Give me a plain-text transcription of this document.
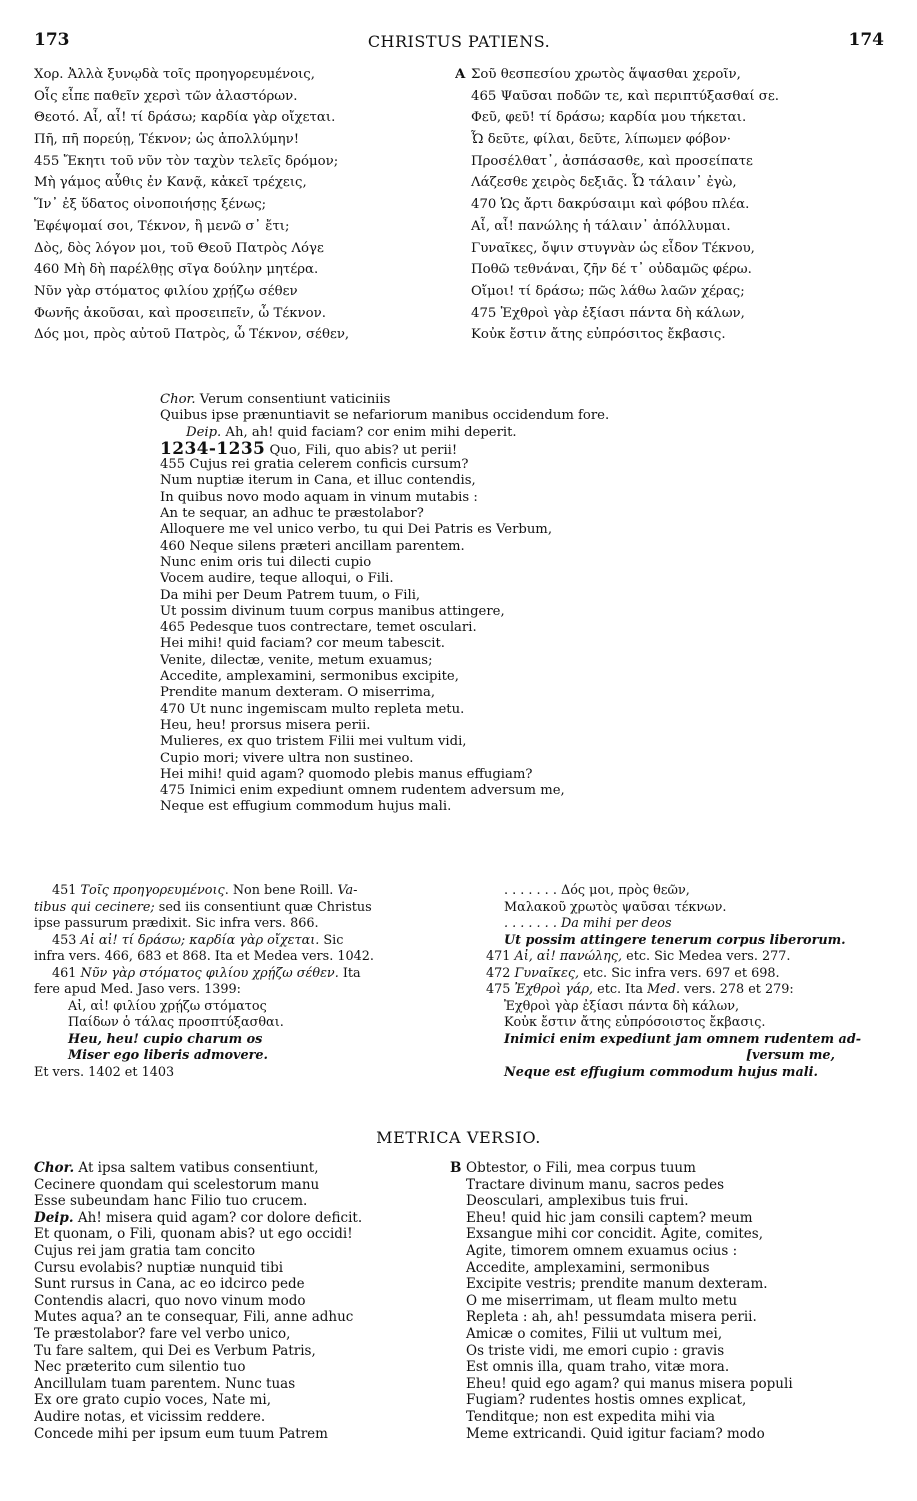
173	CHRISTUS PATIENS.	174
Χορ. Ἀλλὰ ξυνῳδὰ τοῖς προηγορευμένοις,
Οἷς εἶπε παθεῖν χερσὶ τῶν ἀλαστόρων.
Θεοτό. Αἶ, αἶ! τί δράσω; καρδία γὰρ οἴχεται.
Πῆ, πῆ πορεύῃ, Τέκνον; ὡς ἀπολλύμην!
455 Ἔκητι τοῦ νῦν τὸν ταχὺν τελεῖς δρόμον;
Μὴ γάμος αὖθις ἐν Κανᾷ, κἀκεῖ τρέχεις,
Ἵν᾽ ἐξ ὕδατος οἰνοποιήσῃς ξένως;
Ἐφέψομαί σοι, Τέκνον, ἢ μενῶ σ᾽ ἔτι;
Δὸς, δὸς λόγον μοι, τοῦ Θεοῦ Πατρὸς Λόγε
460 Μὴ δὴ παρέλθῃς σῖγα δούλην μητέρα.
Νῦν γὰρ στόματος φιλίου χρῄζω σέθεν
Φωνῆς ἀκοῦσαι, καὶ προσειπεῖν, ὦ Τέκνον.
Δός μοι, πρὸς αὐτοῦ Πατρὸς, ὦ Τέκνον, σέθεν,
A Σοῦ θεσπεσίου χρωτὸς ἅψασθαι χεροῖν,
465 Ψαῦσαι ποδῶν τε, καὶ περιπτύξασθαί σε.
Φεῦ, φεῦ! τί δράσω; καρδία μου τήκεται.
Ὦ δεῦτε, φίλαι, δεῦτε, λίπωμεν φόβον·
Προσέλθατ᾽, ἀσπάσασθε, καὶ προσείπατε
Λάζεσθε χειρὸς δεξιᾶς. Ὦ τάλαιν᾽ ἐγὼ,
470 Ὡς ἄρτι δακρύσαιμι καὶ φόβου πλέα.
Αἶ, αἶ! πανώλης ἡ τάλαιν᾽ ἀπόλλυμαι.
Γυναῖκες, ὄψιν στυγνὰν ὡς εἶδον Τέκνου,
Ποθῶ τεθνάναι, ζῆν δέ τ᾽ οὐδαμῶς φέρω.
Οἴμοι! τί δράσω; πῶς λάθω λαῶν χέρας;
475 Ἐχθροὶ γὰρ ἐξίασι πάντα δὴ κάλων,
Κοὐκ ἔστιν ἄτης εὐπρόσιτος ἔκβασις.
Chor. Verum consentiunt vaticiniis
Quibus ipse prænuntiavit se nefariorum manibus occidendum fore.
Deip. Ah, ah! quid faciam? cor enim mihi deperit.
1234-1235 Quo, Fili, quo abis? ut perii!
455 Cujus rei gratia celerem conficis cursum?
Num nuptiæ iterum in Cana, et illuc contendis,
In quibus novo modo aquam in vinum mutabis :
An te sequar, an adhuc te præstolabor?
Alloquere me vel unico verbo, tu qui Dei Patris es Verbum,
460 Neque silens præteri ancillam parentem.
Nunc enim oris tui dilecti cupio
Vocem audire, teque alloqui, o Fili.
Da mihi per Deum Patrem tuum, o Fili,
Ut possim divinum tuum corpus manibus attingere,
465 Pedesque tuos contrectare, temet osculari.
Hei mihi! quid faciam? cor meum tabescit.
Venite, dilectæ, venite, metum exuamus;
Accedite, amplexamini, sermonibus excipite,
Prendite manum dexteram. O miserrima,
470 Ut nunc ingemiscam multo repleta metu.
Heu, heu! prorsus misera perii.
Mulieres, ex quo tristem Filii mei vultum vidi,
Cupio mori; vivere ultra non sustineo.
Hei mihi! quid agam? quomodo plebis manus effugiam?
475 Inimici enim expediunt omnem rudentem adversum me,
Neque est effugium commodum hujus mali.
451 Τοῖς προηγορευμένοις. Non bene Roill. Va-
tibus qui cecinere; sed iis consentiunt quæ Christus
ipse passurum prædixit. Sic infra vers. 866.
453 Αἶ αἶ! τί δράσω; καρδία γὰρ οἴχεται. Sic
infra vers. 466, 683 et 868. Ita et Medea vers. 1042.
461 Νῦν γὰρ στόματος φιλίου χρῄζω σέθεν. Ita
fere apud Med. Jaso vers. 1399:
Αἶ, αἶ! φιλίου χρῄζω στόματος
Παίδων ὁ τάλας προσπτύξασθαι.
Heu, heu! cupio charum os
Miser ego liberis admovere.
Et vers. 1402 et 1403
. . . . . . . Δός μοι, πρὸς θεῶν,
Μαλακοῦ χρωτὸς ψαῦσαι τέκνων.
. . . . . . . Da mihi per deos
Ut possim attingere tenerum corpus liberorum.
471 Αἶ, αἶ! πανώλης, etc. Sic Medea vers. 277.
472 Γυναῖκες, etc. Sic infra vers. 697 et 698.
475 Ἐχθροὶ γάρ, etc. Ita Med. vers. 278 et 279:
Ἐχθροὶ γὰρ ἐξίασι πάντα δὴ κάλων,
Κοὐκ ἔστιν ἄτης εὐπρόσοιστος ἔκβασις.
Inimici enim expediunt jam omnem rudentem ad-
[versum me,
Neque est effugium commodum hujus mali.
METRICA VERSIO.
Chor. At ipsa saltem vatibus consentiunt,
Cecinere quondam qui scelestorum manu
Esse subeundam hanc Filio tuo crucem.
Deip. Ah! misera quid agam? cor dolore deficit.
Et quonam, o Fili, quonam abis? ut ego occidi!
Cujus rei jam gratia tam concito
Cursu evolabis? nuptiæ nunquid tibi
Sunt rursus in Cana, ac eo idcirco pede
Contendis alacri, quo novo vinum modo
Mutes aqua? an te consequar, Fili, anne adhuc
Te præstolabor? fare vel verbo unico,
Tu fare saltem, qui Dei es Verbum Patris,
Nec præterito cum silentio tuo
Ancillulam tuam parentem. Nunc tuas
Ex ore grato cupio voces, Nate mi,
Audire notas, et vicissim reddere.
Concede mihi per ipsum eum tuum Patrem
B Obtestor, o Fili, mea corpus tuum
Tractare divinum manu, sacros pedes
Deosculari, amplexibus tuis frui.
Eheu! quid hic jam consili captem? meum
Exsangue mihi cor concidit. Agite, comites,
Agite, timorem omnem exuamus ocius :
Accedite, amplexamini, sermonibus
Excipite vestris; prendite manum dexteram.
O me miserrimam, ut fleam multo metu
Repleta : ah, ah! pessumdata misera perii.
Amicæ o comites, Filii ut vultum mei,
Os triste vidi, me emori cupio : gravis
Est omnis illa, quam traho, vitæ mora.
Eheu! quid ego agam? qui manus misera populi
Fugiam? rudentes hostis omnes explicat,
Tenditque; non est expedita mihi via
Meme extricandi. Quid igitur faciam? modo
